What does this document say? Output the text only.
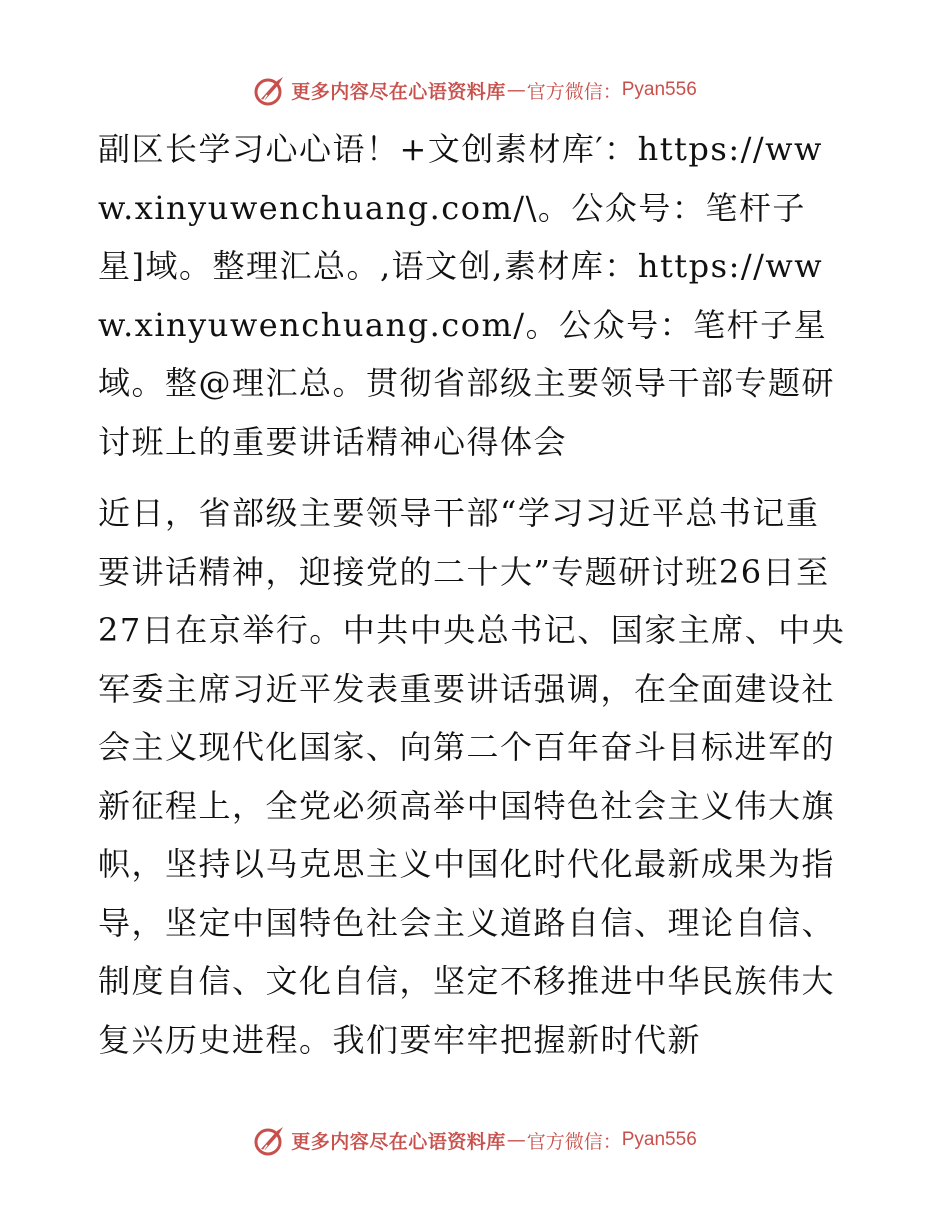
更多内容尽在心语资料库 — 官方微信： Pyan556

副区长学习心心语！+文创素材库′：https://www.xinyuwenchuang.com/\。公众号：笔杆子星]域。整理汇总。,语文创,素材库：https://www.xinyuwenchuang.com/。公众号：笔杆子星域。整@理汇总。贯彻省部级主要领导干部专题研讨班上的重要讲话精神心得体会

近日，省部级主要领导干部“学习习近平总书记重要讲话精神，迎接党的二十大”专题研讨班26日至27日在京举行。中共中央总书记、国家主席、中央军委主席习近平发表重要讲话强调，在全面建设社会主义现代化国家、向第二个百年奋斗目标进军的新征程上，全党必须高举中国特色社会主义伟大旗帜，坚持以马克思主义中国化时代化最新成果为指导，坚定中国特色社会主义道路自信、理论自信、制度自信、文化自信，坚定不移推进中华民族伟大复兴历史进程。我们要牢牢把握新时代新

更多内容尽在心语资料库 — 官方微信： Pyan556
